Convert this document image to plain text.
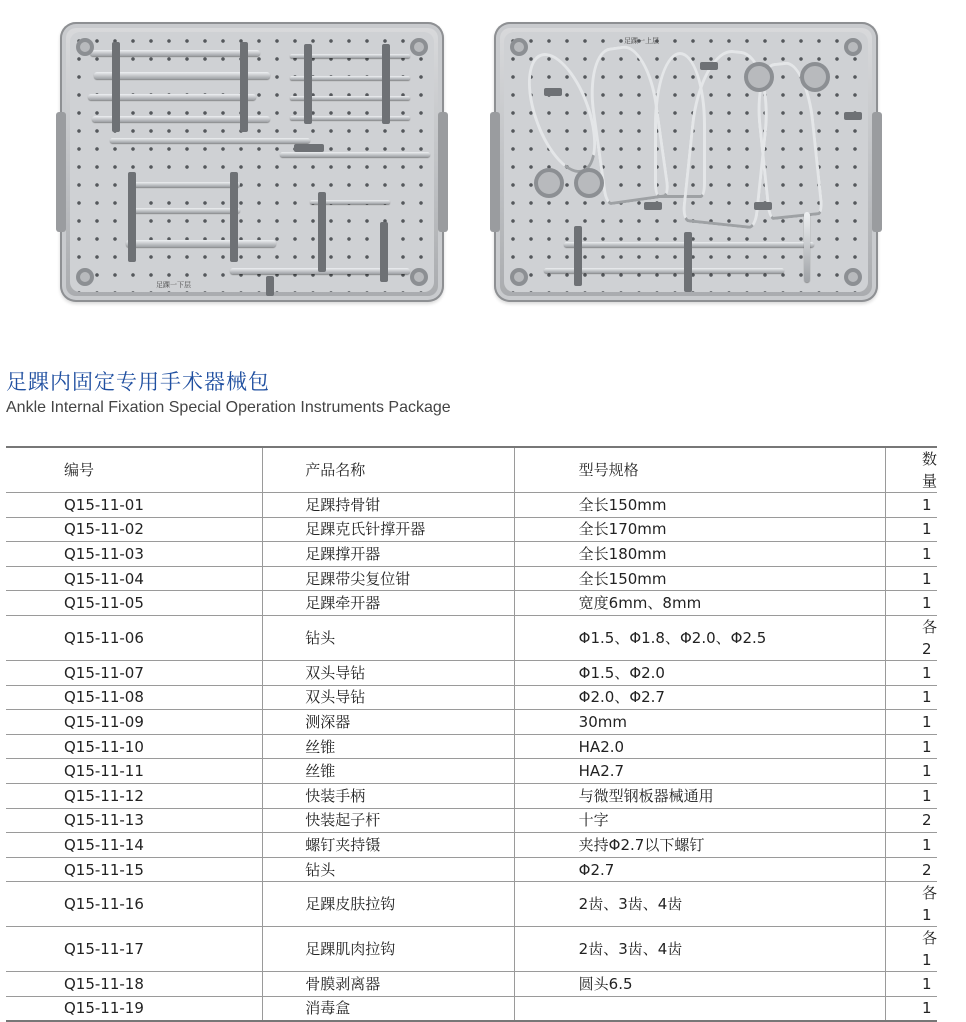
足踝一下层
足踝一上层
足踝内固定专用手术器械包
Ankle Internal Fixation Special Operation Instruments Package
编号	产品名称	型号规格	数量
Q15-11-01	足踝持骨钳	全长150mm	1
Q15-11-02	足踝克氏针撑开器	全长170mm	1
Q15-11-03	足踝撑开器	全长180mm	1
Q15-11-04	足踝带尖复位钳	全长150mm	1
Q15-11-05	足踝牵开器	宽度6mm、8mm	1
Q15-11-06	钻头	Φ1.5、Φ1.8、Φ2.0、Φ2.5	各2
Q15-11-07	双头导钻	Φ1.5、Φ2.0	1
Q15-11-08	双头导钻	Φ2.0、Φ2.7	1
Q15-11-09	测深器	30mm	1
Q15-11-10	丝锥	HA2.0	1
Q15-11-11	丝锥	HA2.7	1
Q15-11-12	快装手柄	与微型钢板器械通用	1
Q15-11-13	快装起子杆	十字	2
Q15-11-14	螺钉夹持镊	夹持Φ2.7以下螺钉	1
Q15-11-15	钻头	Φ2.7	2
Q15-11-16	足踝皮肤拉钩	2齿、3齿、4齿	各1
Q15-11-17	足踝肌肉拉钩	2齿、3齿、4齿	各1
Q15-11-18	骨膜剥离器	圆头6.5	1
Q15-11-19	消毒盒		1
